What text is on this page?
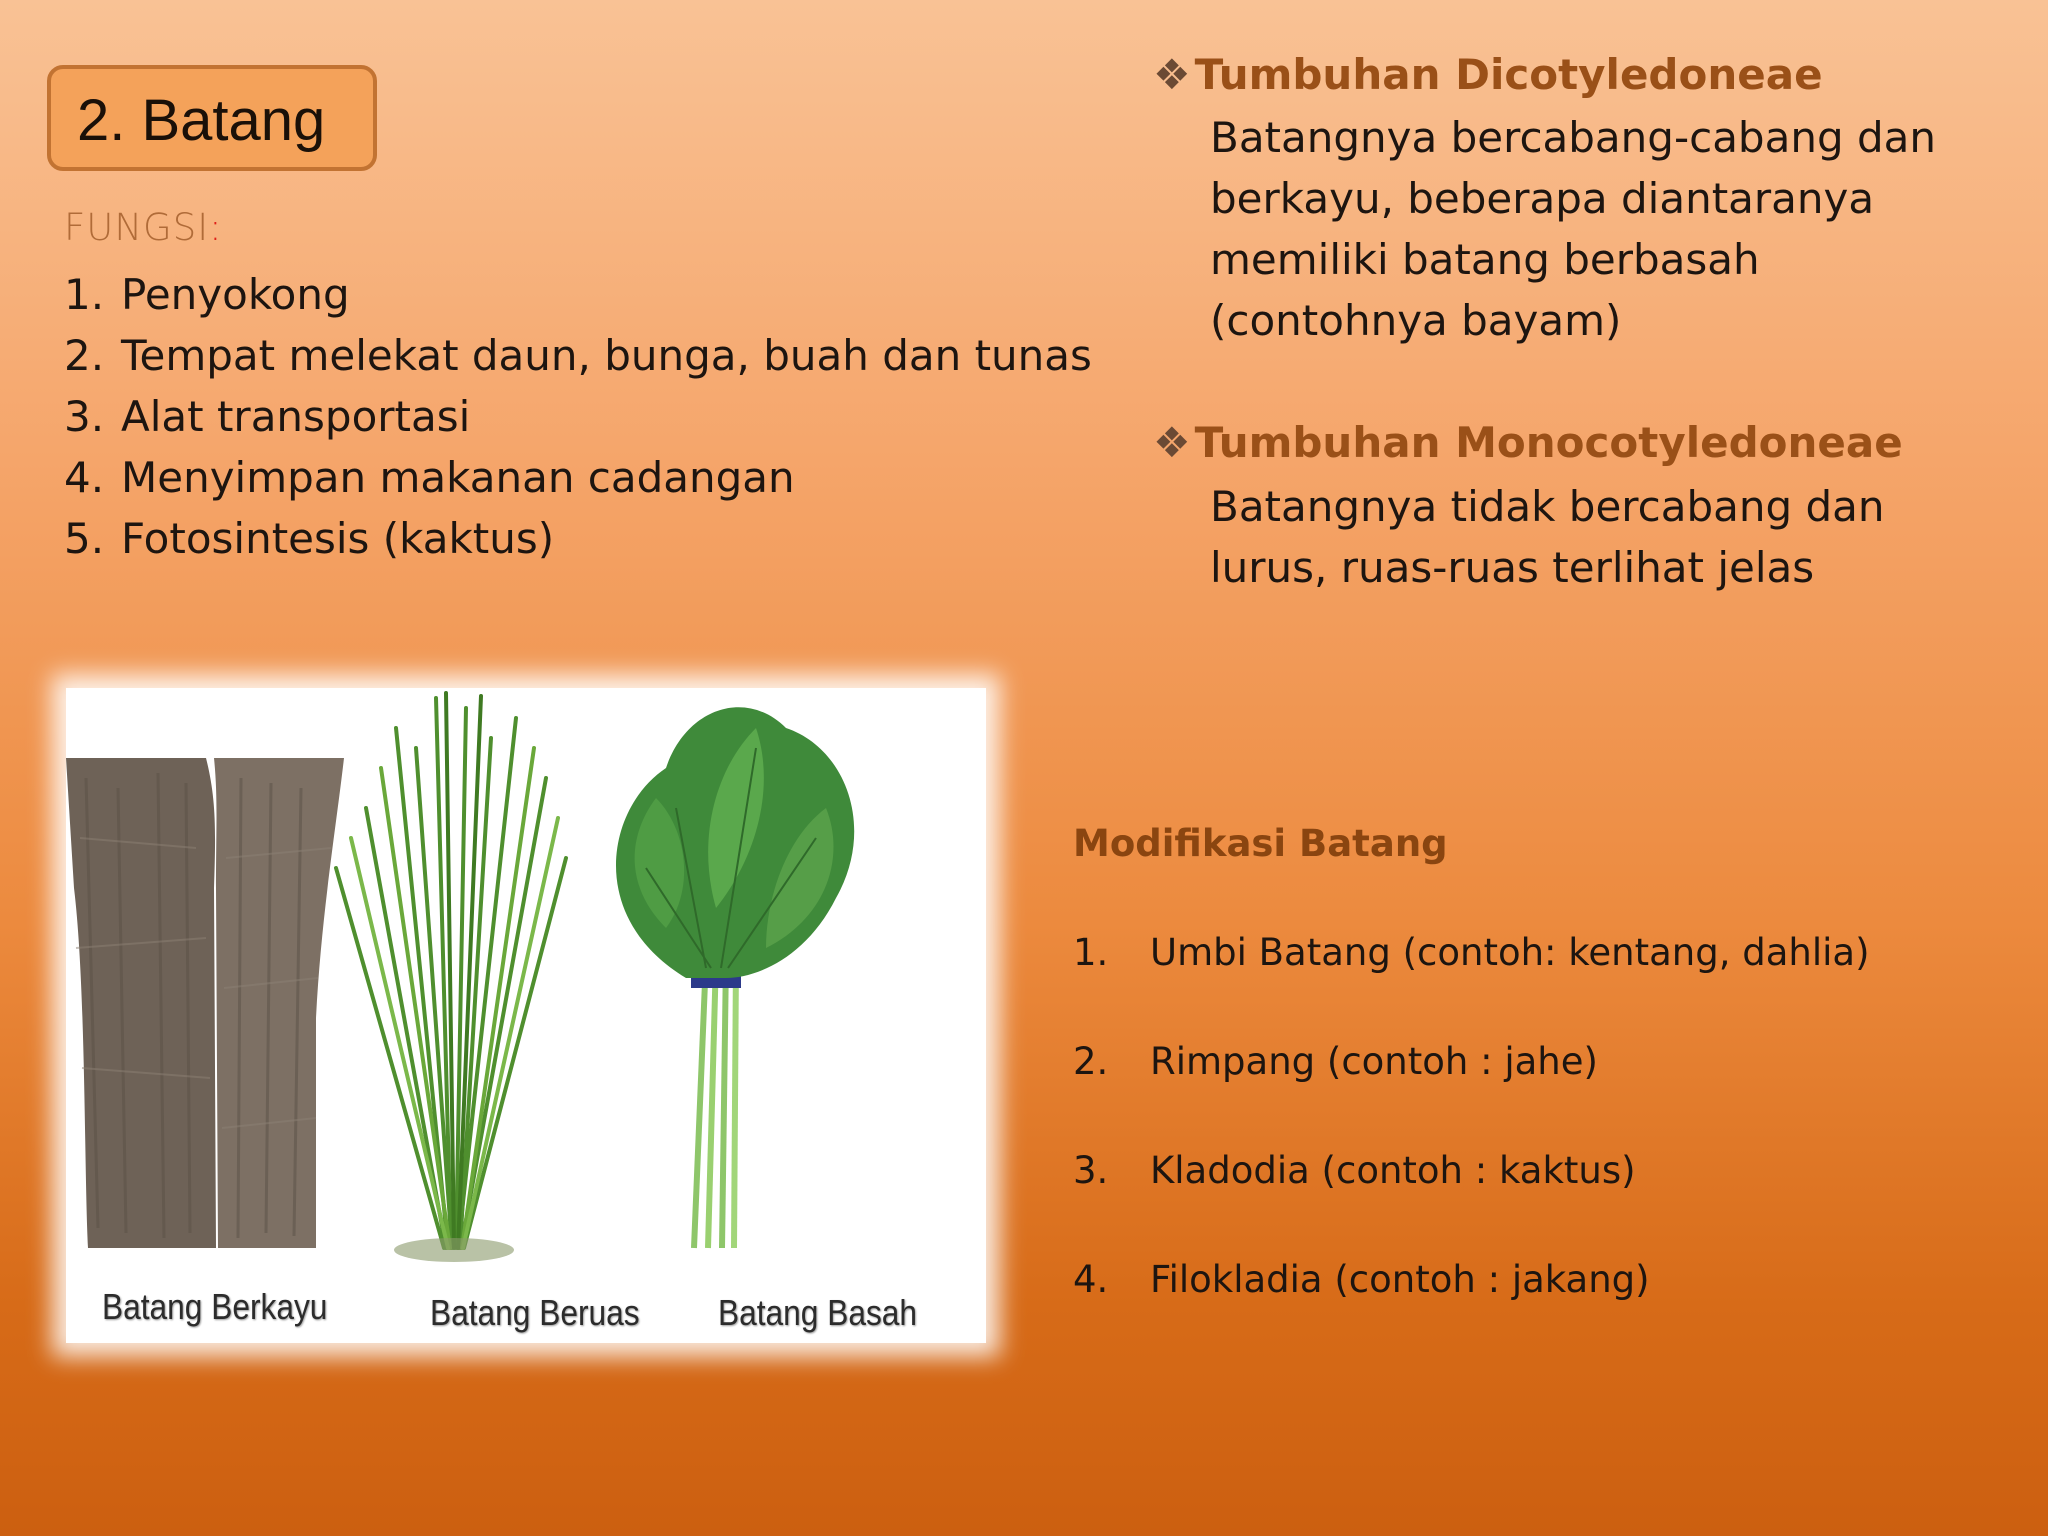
2. Batang
FUNGSI:
1. Penyokong
2. Tempat melekat daun, bunga, buah dan tunas
3. Alat transportasi
4. Menyimpan makanan cadangan
5. Fotosintesis (kaktus)
❖Tumbuhan Dicotyledoneae
Batangnya bercabang-cabang dan
berkayu, beberapa diantaranya
memiliki batang berbasah
(contohnya bayam)
❖Tumbuhan Monocotyledoneae
Batangnya tidak bercabang dan
lurus, ruas-ruas terlihat jelas
Modifikasi Batang
1. Umbi Batang (contoh: kentang, dahlia)
2. Rimpang (contoh : jahe)
3. Kladodia (contoh : kaktus)
4. Filokladia (contoh : jakang)
Batang Berkayu	Batang Beruas Batang Basah
